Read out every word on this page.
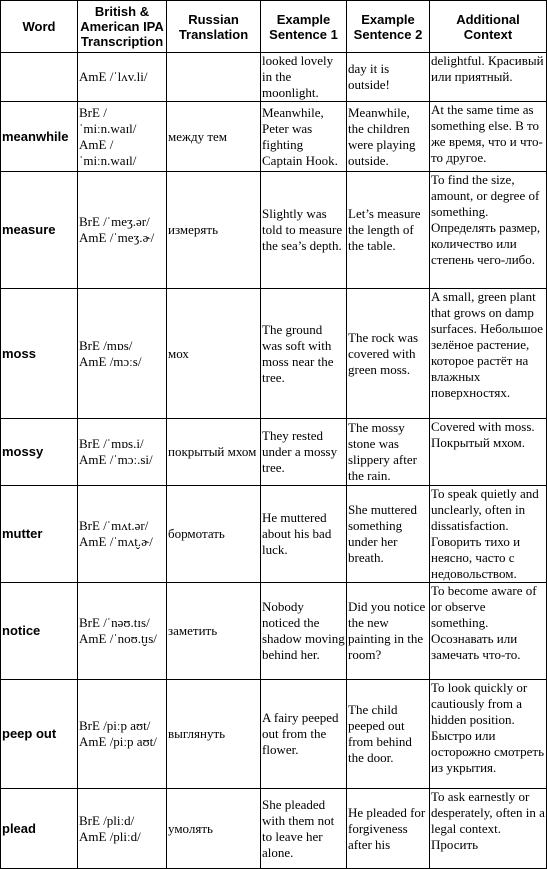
Word	British & American IPA Transcription	Russian Translation	Example Sentence 1	Example Sentence 2	Additional Context

	AmE /ˈlʌv.li/		looked lovely in the moonlight.	day it is outside!	delightful. Красивый или приятный.
meanwhile	BrE /
ˈmiːn.waɪl/
AmE /
ˈmiːn.waɪl/	между тем	Meanwhile, Peter was fighting Captain Hook.	Meanwhile, the children were playing outside.	At the same time as something else. В то же время, что и что-то другое.
measure	BrE /ˈmeʒ.ər/
AmE /ˈmeʒ.ɚ/	измерять	Slightly was told to measure the sea’s depth.	Let’s measure the length of the table.	To find the size, amount, or degree of something. Определять размер, количество или степень чего-либо.
moss	BrE /mɒs/
AmE /mɔːs/	мох	The ground was soft with moss near the tree.	The rock was covered with green moss.	A small, green plant that grows on damp surfaces. Небольшое зелёное растение, которое растёт на влажных поверхностях.
mossy	BrE /ˈmɒs.i/
AmE /ˈmɔː.si/	покрытый мхом	They rested under a mossy tree.	The mossy stone was slippery after the rain.	Covered with moss. Покрытый мхом.
mutter	BrE /ˈmʌt.ər/
AmE /ˈmʌt̬.ɚ/	бормотать	He muttered about his bad luck.	She muttered something under her breath.	To speak quietly and unclearly, often in dissatisfaction. Говорить тихо и неясно, часто с недовольством.
notice	BrE /ˈnəʊ.tɪs/
AmE /ˈnoʊ.t̬ɪs/	заметить	Nobody noticed the shadow moving behind her.	Did you notice the new painting in the room?	To become aware of or observe something. Осознавать или замечать что-то.
peep out	BrE /piːp aʊt/
AmE /piːp aʊt/	выглянуть	A fairy peeped out from the flower.	The child peeped out from behind the door.	To look quickly or cautiously from a hidden position. Быстро или осторожно смотреть из укрытия.
plead	BrE /pliːd/
AmE /pliːd/	умолять	She pleaded with them not to leave her alone.	He pleaded for forgiveness after his	To ask earnestly or desperately, often in a legal context. Просить
